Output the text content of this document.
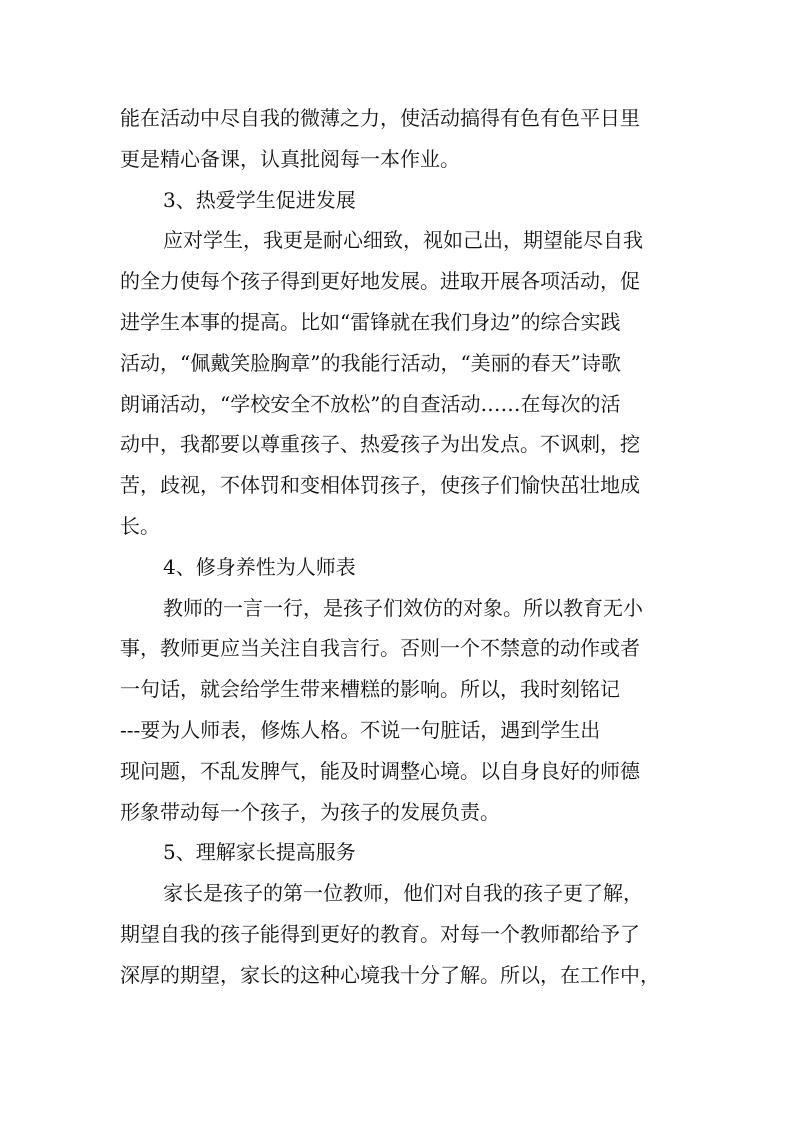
能在活动中尽自我的微薄之力，使活动搞得有色有色平日里
更是精心备课，认真批阅每一本作业。
3、热爱学生促进发展
应对学生，我更是耐心细致，视如己出，期望能尽自我
的全力使每个孩子得到更好地发展。进取开展各项活动，促
进学生本事的提高。比如“雷锋就在我们身边”的综合实践
活动，“佩戴笑脸胸章”的我能行活动，“美丽的春天”诗歌
朗诵活动，“学校安全不放松”的自查活动……在每次的活
动中，我都要以尊重孩子、热爱孩子为出发点。不讽刺，挖
苦，歧视，不体罚和变相体罚孩子，使孩子们愉快茁壮地成
长。
4、修身养性为人师表
教师的一言一行，是孩子们效仿的对象。所以教育无小
事，教师更应当关注自我言行。否则一个不禁意的动作或者
一句话，就会给学生带来槽糕的影响。所以，我时刻铭记
---要为人师表，修炼人格。不说一句脏话，遇到学生出
现问题，不乱发脾气，能及时调整心境。以自身良好的师德
形象带动每一个孩子，为孩子的发展负责。
5、理解家长提高服务
家长是孩子的第一位教师，他们对自我的孩子更了解，
期望自我的孩子能得到更好的教育。对每一个教师都给予了
深厚的期望，家长的这种心境我十分了解。所以，在工作中，
